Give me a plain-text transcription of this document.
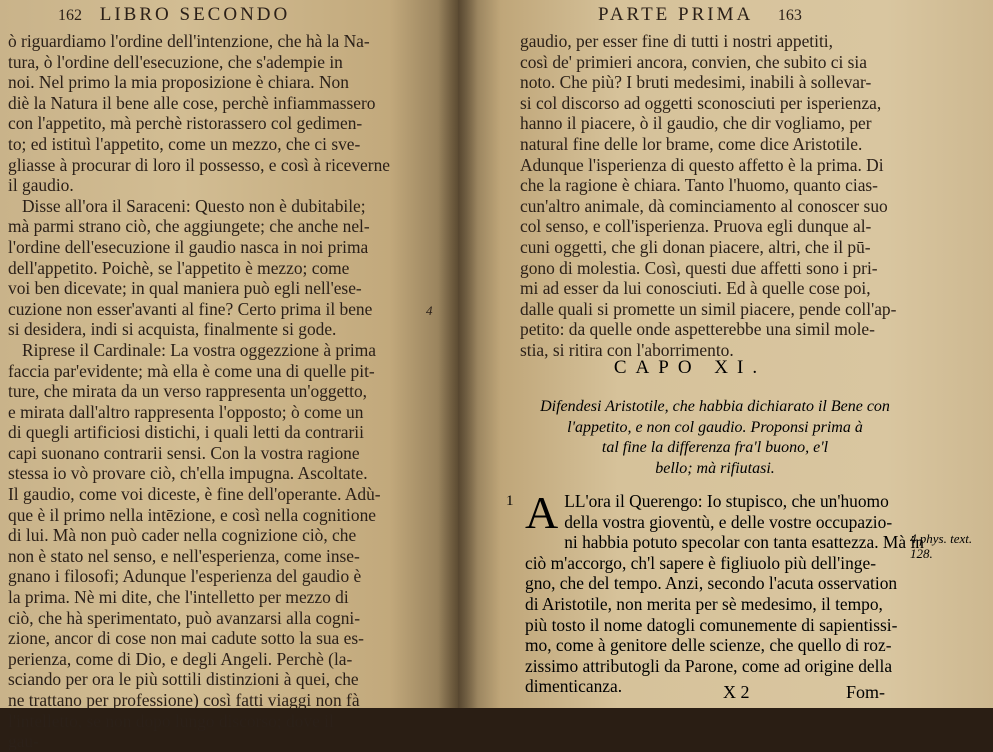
162 LIBRO SECONDO
ò riguardiamo l'ordine dell'intenzione, che hà la Na-
tura, ò l'ordine dell'esecuzione, che s'adempie in
noi. Nel primo la mia proposizione è chiara. Non
diè la Natura il bene alle cose, perchè infiammassero
con l'appetito, mà perchè ristorassero col gedimen-
to; ed istituì l'appetito, come un mezzo, che ci sve-
gliasse à procurar di loro il possesso, e così à riceverne
il gaudio.
Disse all'ora il Saraceni: Questo non è dubitabile;
mà parmi strano ciò, che aggiungete; che anche nel-
l'ordine dell'esecuzione il gaudio nasca in noi prima
dell'appetito. Poichè, se l'appetito è mezzo; come
voi ben dicevate; in qual maniera può egli nell'ese-
cuzione non esser'avanti al fine? Certo prima il bene
si desidera, indi si acquista, finalmente si gode.
Riprese il Cardinale: La vostra oggezzione à prima
faccia par'evidente; mà ella è come una di quelle pit-
ture, che mirata da un verso rappresenta un'oggetto,
e mirata dall'altro rappresenta l'opposto; ò come un
di quegli artificiosi distichi, i quali letti da contrarii
capi suonano contrarii sensi. Con la vostra ragione
stessa io vò provare ciò, ch'ella impugna. Ascoltate.
Il gaudio, come voi diceste, è fine dell'operante. Adù-
que è il primo nella intēzione, e così nella cognitione
di lui. Mà non può cader nella cognizione ciò, che
non è stato nel senso, e nell'esperienza, come inse-
gnano i filosofi; Adunque l'esperienza del gaudio è
la prima. Nè mi dite, che l'intelletto per mezzo di
ciò, che hà sperimentato, può avanzarsi alla cogni-
zione, ancor di cose non mai cadute sotto la sua es-
perienza, come di Dio, e degli Angeli. Perchè (la-
sciando per ora le più sottili distinzioni à quei, che
ne trattano per professione) così fatti viaggi non fà
l'intelletto, se non dopo lungo discorso; dove il
gau-
4
PARTE PRIMA 163
gaudio, per esser fine di tutti i nostri appetiti,
così de' primieri ancora, convien, che subito ci sia
noto. Che più? I bruti medesimi, inabili à sollevar-
si col discorso ad oggetti sconosciuti per isperienza,
hanno il piacere, ò il gaudio, che dir vogliamo, per
natural fine delle lor brame, come dice Aristotile.
Adunque l'isperienza di questo affetto è la prima. Di
che la ragione è chiara. Tanto l'huomo, quanto cias-
cun'altro animale, dà cominciamento al conoscer suo
col senso, e coll'isperienza. Pruova egli dunque al-
cuni oggetti, che gli donan piacere, altri, che il pū-
gono di molestia. Così, questi due affetti sono i pri-
mi ad esser da lui conosciuti. Ed à quelle cose poi,
dalle quali si promette un simil piacere, pende coll'ap-
petito: da quelle onde aspetterebbe una simil mole-
stia, si ritira con l'aborrimento.
CAPO XI.
Difendesi Aristotile, che habbia dichiarato il Bene con
l'appetito, e non col gaudio. Proponsi prima à
tal fine la differenza fra'l buono, e'l
bello; mà rifiutasi.
1 A LL'ora il Querengo: Io stupisco, che un'huomo
della vostra gioventù, e delle vostre occupazio-
ni habbia potuto specolar con tanta esattezza. Mà in
ciò m'accorgo, ch'l sapere è figliuolo più dell'inge-
gno, che del tempo. Anzi, secondo l'acuta osservation
di Aristotile, non merita per sè medesimo, il tempo,
più tosto il nome datogli comunemente di sapientissi-
mo, come à genitore delle scienze, che quello di roz-
zissimo attributogli da Parone, come ad origine della
dimenticanza.
4 phys. text. 128.
X 2	Fom-
